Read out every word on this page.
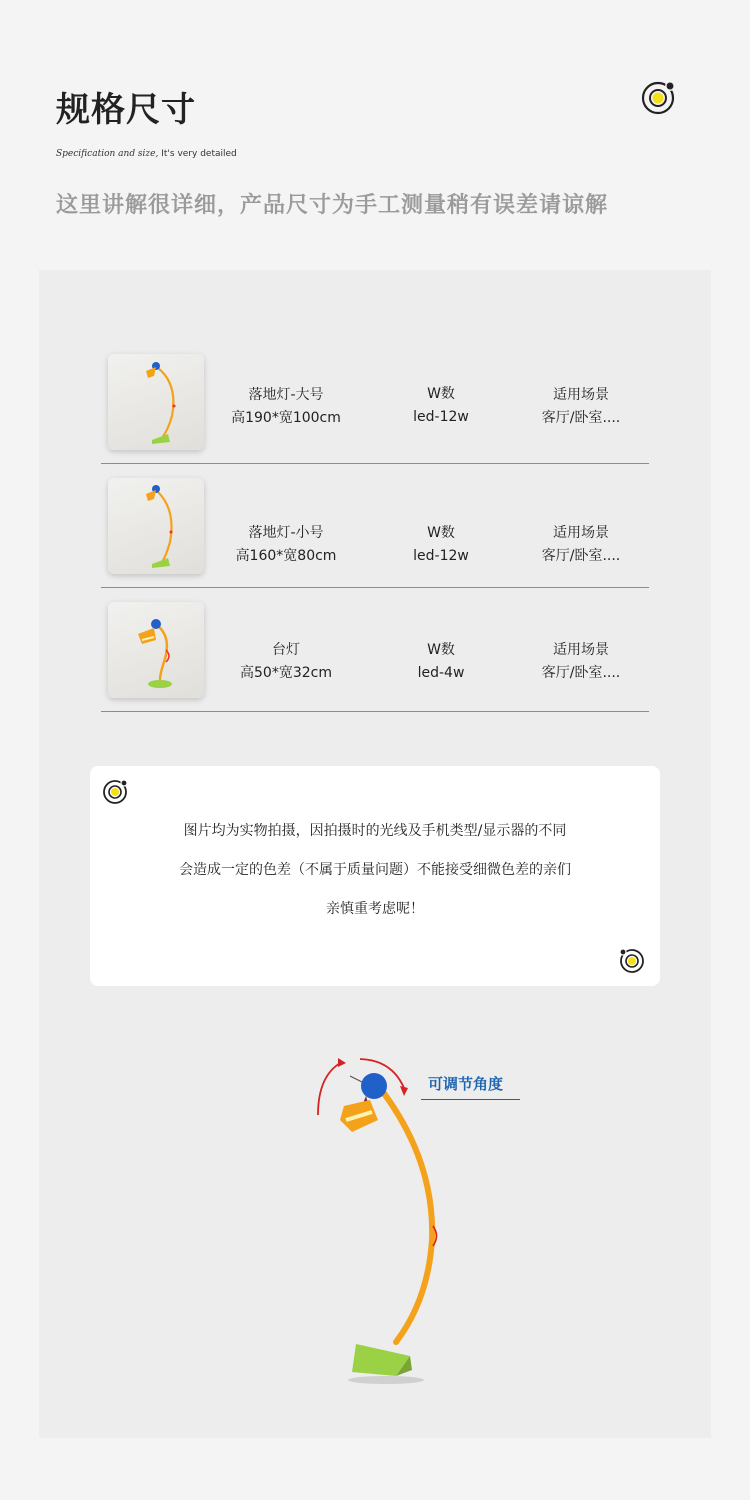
规格尺寸
Specification and size, It's very detailed
这里讲解很详细，产品尺寸为手工测量稍有误差请谅解
落地灯-大号
高190*宽100cm
W数
led-12w
适用场景
客厅/卧室....
落地灯-小号
高160*宽80cm
W数
led-12w
适用场景
客厅/卧室....
台灯
高50*宽32cm
W数
led-4w
适用场景
客厅/卧室....
图片均为实物拍摄，因拍摄时的光线及手机类型/显示器的不同
会造成一定的色差（不属于质量问题）不能接受细微色差的亲们
亲慎重考虑呢！
可调节角度
